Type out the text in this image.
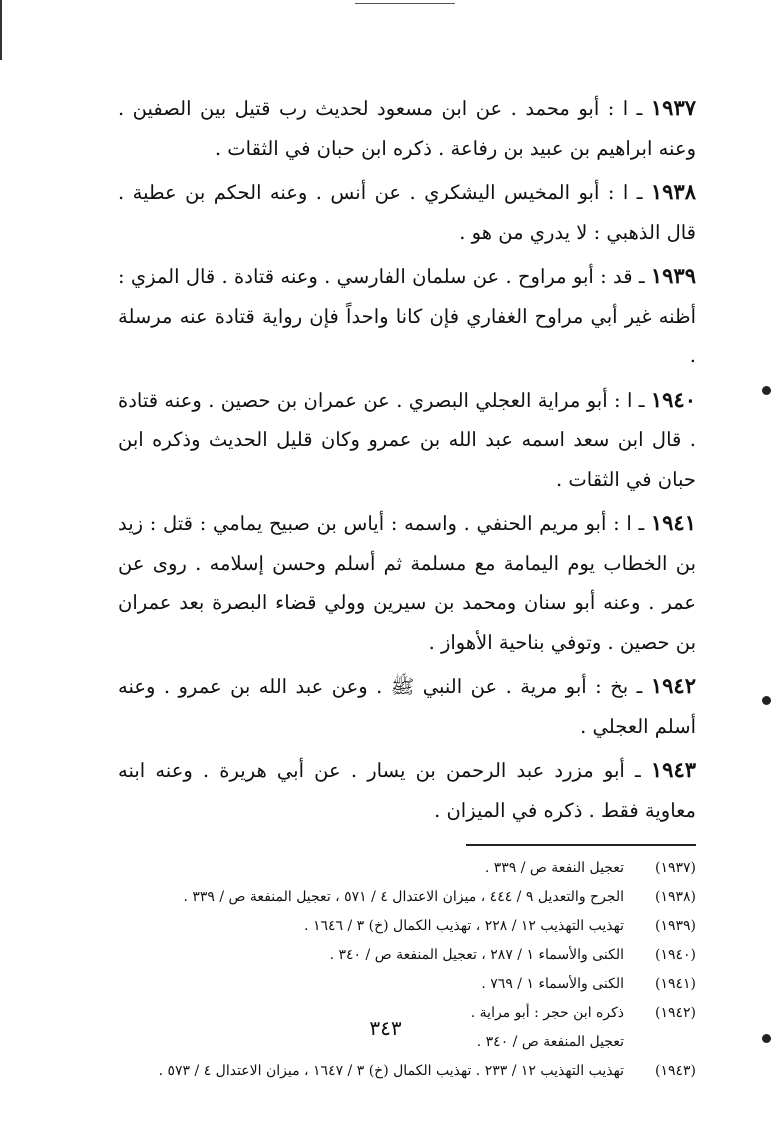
١٩٣٧ ـ ا : أبو محمد . عن ابن مسعود لحديث رب قتيل بين الصفين . وعنه ابراهيم بن عبيد بن رفاعة . ذكره ابن حبان في الثقات .

١٩٣٨ ـ ا : أبو المخيس اليشكري . عن أنس . وعنه الحكم بن عطية . قال الذهبي : لا يدري من هو .

١٩٣٩ ـ قد : أبو مراوح . عن سلمان الفارسي . وعنه قتادة . قال المزي : أظنه غير أبي مراوح الغفاري فإن كانا واحداً فإن رواية قتادة عنه مرسلة .

١٩٤٠ ـ ا : أبو مراية العجلي البصري . عن عمران بن حصين . وعنه قتادة . قال ابن سعد اسمه عبد الله بن عمرو وكان قليل الحديث وذكره ابن حبان في الثقات .

١٩٤١ ـ ا : أبو مريم الحنفي . واسمه : أياس بن صبيح يمامي : قتل : زيد بن الخطاب يوم اليمامة مع مسلمة ثم أسلم وحسن إسلامه . روى عن عمر . وعنه أبو سنان ومحمد بن سيرين وولي قضاء البصرة بعد عمران بن حصين . وتوفي بناحية الأهواز .

١٩٤٢ ـ بخ : أبو مرية . عن النبي ﷺ . وعن عبد الله بن عمرو . وعنه أسلم العجلي .

١٩٤٣ ـ أبو مزرد عبد الرحمن بن يسار . عن أبي هريرة . وعنه ابنه معاوية فقط . ذكره في الميزان .

(١٩٣٧)
تعجيل النفعة ص / ٣٣٩ .
(١٩٣٨)
الجرح والتعديل ٩ / ٤٤٤ ، ميزان الاعتدال ٤ / ٥٧١ ، تعجيل المنفعة ص / ٣٣٩ .
(١٩٣٩)
تهذيب التهذيب ١٢ / ٢٢٨ ، تهذيب الكمال (خ) ٣ / ١٦٤٦ .
(١٩٤٠)
الكنى والأسماء ١ / ٢٨٧ ، تعجيل المنفعة ص / ٣٤٠ .
(١٩٤١)
الكنى والأسماء ١ / ٧٦٩ .
(١٩٤٢)
ذكره ابن حجر : أبو مراية .
تعجيل المنفعة ص / ٣٤٠ .
(١٩٤٣)
تهذيب التهذيب ١٢ / ٢٣٣ . تهذيب الكمال (خ) ٣ / ١٦٤٧ ، ميزان الاعتدال ٤ / ٥٧٣ .
٣٤٣
